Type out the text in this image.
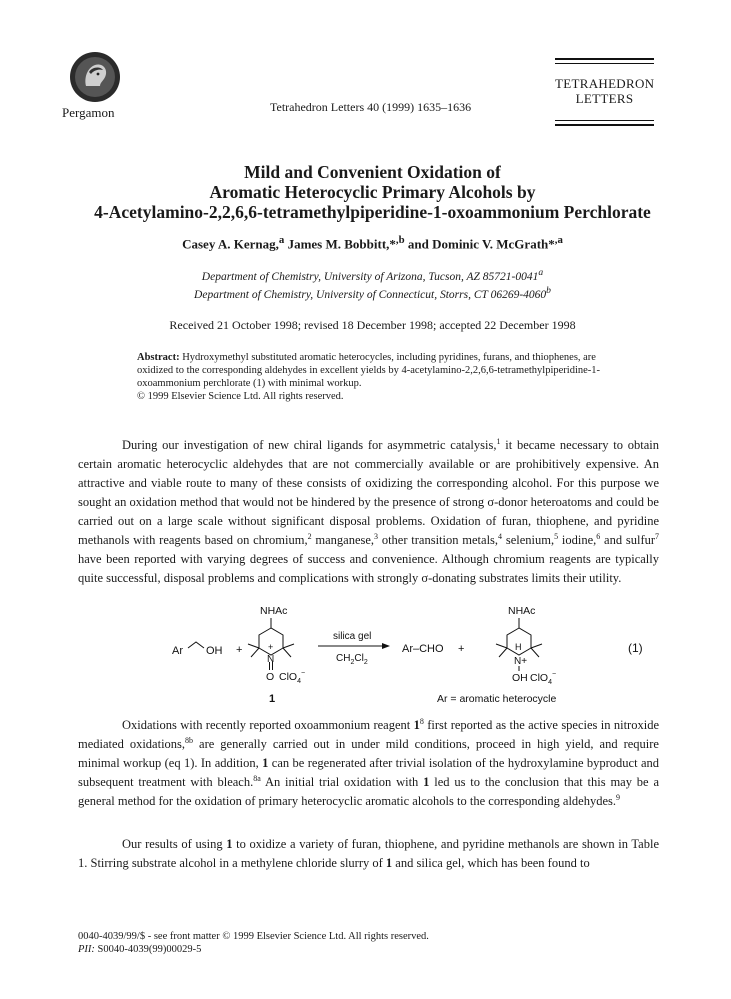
Pergamon	Tetrahedron Letters 40 (1999) 1635–1636
TETRAHEDRON
LETTERS
Mild and Convenient Oxidation of
Aromatic Heterocyclic Primary Alcohols by
4-Acetylamino-2,2,6,6-tetramethylpiperidine-1-oxoammonium Perchlorate
Casey A. Kernag,$^a$ James M. Bobbitt,*$^{,b}$ and Dominic V. McGrath*$^{,a}$
Department of Chemistry, University of Arizona, Tucson, AZ 85721-0041$^a$
Department of Chemistry, University of Connecticut, Storrs, CT 06269-4060$^b$
Received 21 October 1998; revised 18 December 1998; accepted 22 December 1998
Abstract: Hydroxymethyl substituted aromatic heterocycles, including pyridines, furans, and thiophenes, are oxidized to the corresponding aldehydes in excellent yields by 4-acetylamino-2,2,6,6-tetramethylpiperidine-1-oxoammonium perchlorate (1) with minimal workup.
© 1999 Elsevier Science Ltd. All rights reserved.
During our investigation of new chiral ligands for asymmetric catalysis,$^1$ it became necessary to obtain certain aromatic heterocyclic aldehydes that are not commercially available or are prohibitively expensive. An attractive and viable route to many of these consists of oxidizing the corresponding alcohol. For this purpose we sought an oxidation method that would not be hindered by the presence of strong σ-donor heteroatoms and could be carried out on a large scale without significant disposal problems. Oxidation of furan, thiophene, and pyridine methanols with reagents based on chromium,$^2$ manganese,$^3$ other transition metals,$^4$ selenium,$^5$ iodine,$^6$ and sulfur$^7$ have been reported with varying degrees of success and convenience. Although chromium reagents are typically quite successful, disposal problems and complications with strongly σ-donating substrates limits their utility.
Ar OH +
NHAc
N
+
O ClO$_4$−
1
silica gel
$CH_2Cl_2$
Ar–CHO +
NHAc
H
N+
OH ClO$_4$−
Ar = aromatic heterocycle
(1)
Oxidations with recently reported oxoammonium reagent $1^8$ first reported as the active species in nitroxide mediated oxidations,$^{8b}$ are generally carried out in under mild conditions, proceed in high yield, and require minimal workup (eq 1). In addition, 1 can be regenerated after trivial isolation of the hydroxylamine byproduct and subsequent treatment with bleach.$^{8a}$ An initial trial oxidation with 1 led us to the conclusion that this may be a general method for the oxidation of primary heterocyclic aromatic alcohols to the corresponding aldehydes.$^9$
Our results of using 1 to oxidize a variety of furan, thiophene, and pyridine methanols are shown in Table 1. Stirring substrate alcohol in a methylene chloride slurry of 1 and silica gel, which has been found to
0040-4039/99/$ - see front matter © 1999 Elsevier Science Ltd. All rights reserved.
PII: S0040-4039(99)00029-5
